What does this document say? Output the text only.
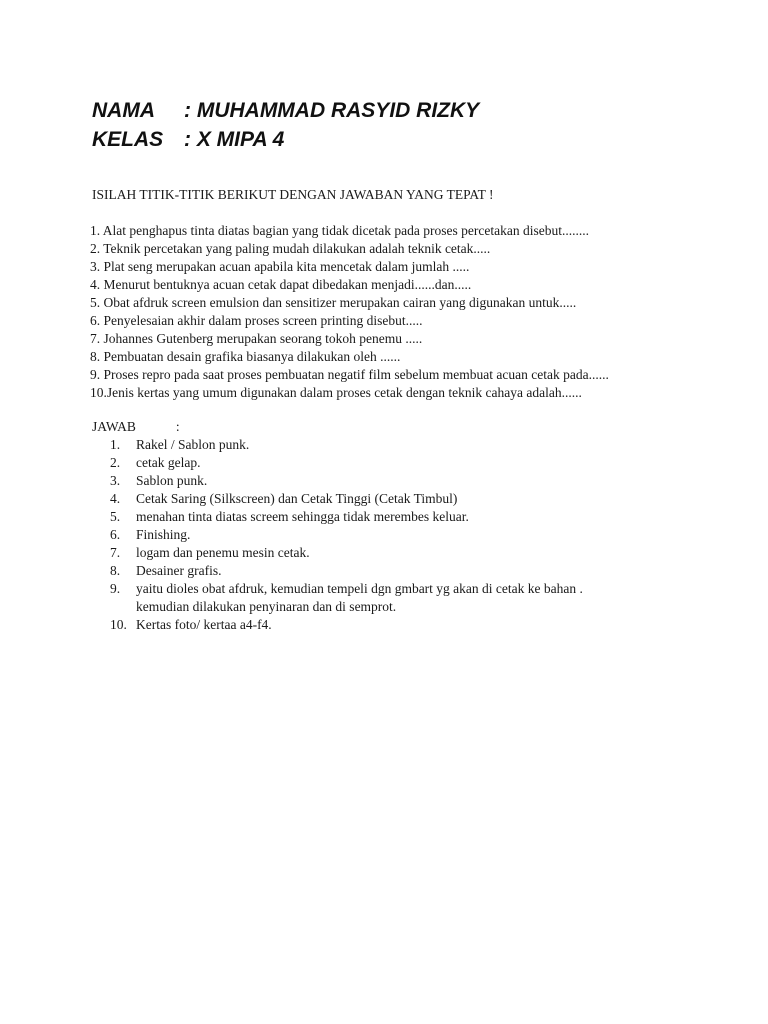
NAMA	: MUHAMMAD RASYID RIZKY
KELAS : X MIPA 4
ISILAH TITIK-TITIK BERIKUT DENGAN JAWABAN YANG TEPAT !
1. Alat penghapus tinta diatas bagian yang tidak dicetak pada proses percetakan disebut........
2. Teknik percetakan yang paling mudah dilakukan adalah teknik cetak.....
3. Plat seng merupakan acuan apabila kita mencetak dalam jumlah .....
4. Menurut bentuknya acuan cetak dapat dibedakan menjadi......dan.....
5. Obat afdruk screen emulsion dan sensitizer merupakan cairan yang digunakan untuk.....
6. Penyelesaian akhir dalam proses screen printing disebut.....
7. Johannes Gutenberg merupakan seorang tokoh penemu .....
8. Pembuatan desain grafika biasanya dilakukan oleh ......
9. Proses repro pada saat proses pembuatan negatif film sebelum membuat acuan cetak pada......
10.Jenis kertas yang umum digunakan dalam proses cetak dengan teknik cahaya adalah......
JAWAB	:
1.	Rakel / Sablon punk.
2.	cetak gelap.
3.	Sablon punk.
4.	Cetak Saring (Silkscreen) dan Cetak Tinggi (Cetak Timbul)
5.	menahan tinta diatas screem sehingga tidak merembes keluar.
6.	Finishing.
7.	logam dan penemu mesin cetak.
8.	Desainer grafis.
9.	yaitu dioles obat afdruk, kemudian tempeli dgn gmbart yg akan di cetak ke bahan .
kemudian dilakukan penyinaran dan di semprot.
10. Kertas foto/ kertaa a4-f4.
